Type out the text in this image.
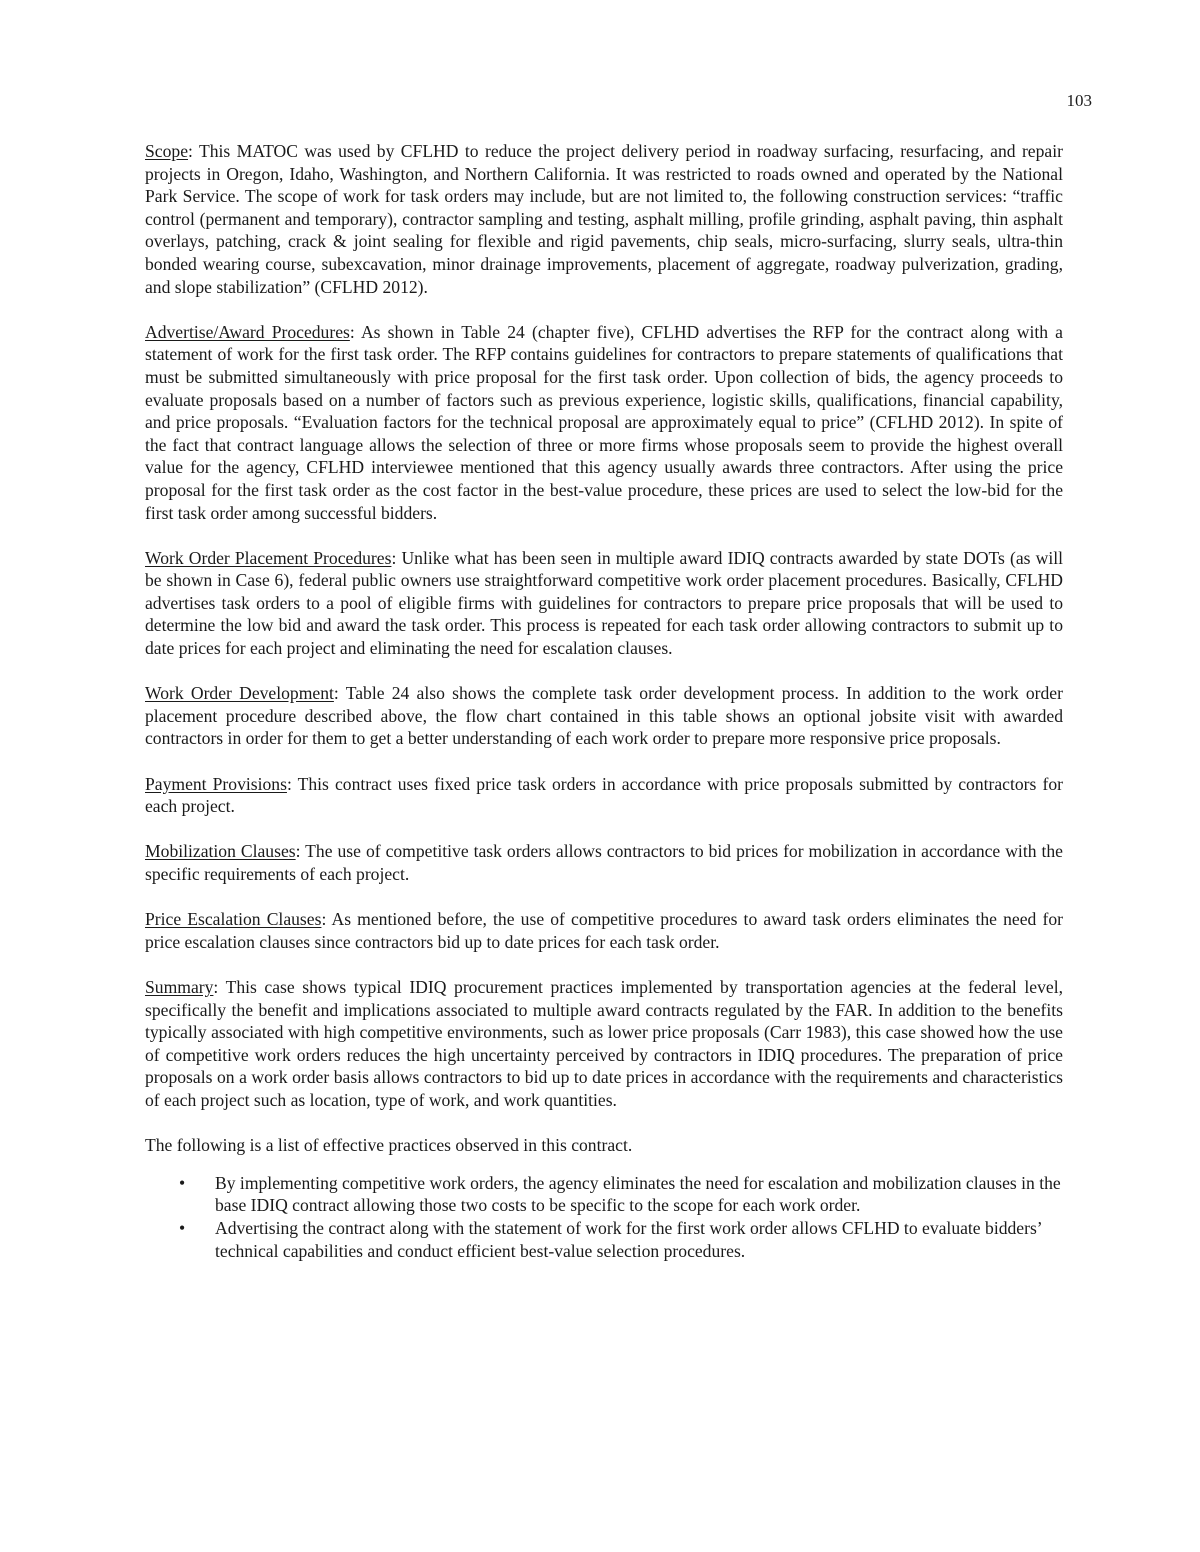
103

Scope: This MATOC was used by CFLHD to reduce the project delivery period in roadway surfacing, resurfacing, and repair projects in Oregon, Idaho, Washington, and Northern California. It was restricted to roads owned and operated by the National Park Service. The scope of work for task orders may include, but are not limited to, the following construction services: “traffic control (permanent and temporary), contractor sampling and testing, asphalt milling, profile grinding, asphalt paving, thin asphalt overlays, patching, crack & joint sealing for flexible and rigid pavements, chip seals, micro-surfacing, slurry seals, ultra-thin bonded wearing course, subexcavation, minor drainage improvements, placement of aggregate, roadway pulverization, grading, and slope stabilization” (CFLHD 2012).

Advertise/Award Procedures: As shown in Table 24 (chapter five), CFLHD advertises the RFP for the contract along with a statement of work for the first task order. The RFP contains guidelines for contractors to prepare statements of qualifications that must be submitted simultaneously with price proposal for the first task order. Upon collection of bids, the agency proceeds to evaluate proposals based on a number of factors such as previous experience, logistic skills, qualifications, financial capability, and price proposals. “Evaluation factors for the technical proposal are approximately equal to price” (CFLHD 2012). In spite of the fact that contract language allows the selection of three or more firms whose proposals seem to provide the highest overall value for the agency, CFLHD interviewee mentioned that this agency usually awards three contractors. After using the price proposal for the first task order as the cost factor in the best-value procedure, these prices are used to select the low-bid for the first task order among successful bidders.

Work Order Placement Procedures: Unlike what has been seen in multiple award IDIQ contracts awarded by state DOTs (as will be shown in Case 6), federal public owners use straightforward competitive work order placement procedures. Basically, CFLHD advertises task orders to a pool of eligible firms with guidelines for contractors to prepare price proposals that will be used to determine the low bid and award the task order. This process is repeated for each task order allowing contractors to submit up to date prices for each project and eliminating the need for escalation clauses.

Work Order Development: Table 24 also shows the complete task order development process. In addition to the work order placement procedure described above, the flow chart contained in this table shows an optional jobsite visit with awarded contractors in order for them to get a better understanding of each work order to prepare more responsive price proposals.

Payment Provisions: This contract uses fixed price task orders in accordance with price proposals submitted by contractors for each project.

Mobilization Clauses: The use of competitive task orders allows contractors to bid prices for mobilization in accordance with the specific requirements of each project.

Price Escalation Clauses: As mentioned before, the use of competitive procedures to award task orders eliminates the need for price escalation clauses since contractors bid up to date prices for each task order.

Summary: This case shows typical IDIQ procurement practices implemented by transportation agencies at the federal level, specifically the benefit and implications associated to multiple award contracts regulated by the FAR. In addition to the benefits typically associated with high competitive environments, such as lower price proposals (Carr 1983), this case showed how the use of competitive work orders reduces the high uncertainty perceived by contractors in IDIQ procedures. The preparation of price proposals on a work order basis allows contractors to bid up to date prices in accordance with the requirements and characteristics of each project such as location, type of work, and work quantities.

The following is a list of effective practices observed in this contract.

• By implementing competitive work orders, the agency eliminates the need for escalation and mobilization clauses in the base IDIQ contract allowing those two costs to be specific to the scope for each work order.
• Advertising the contract along with the statement of work for the first work order allows CFLHD to evaluate bidders’ technical capabilities and conduct efficient best-value selection procedures.
